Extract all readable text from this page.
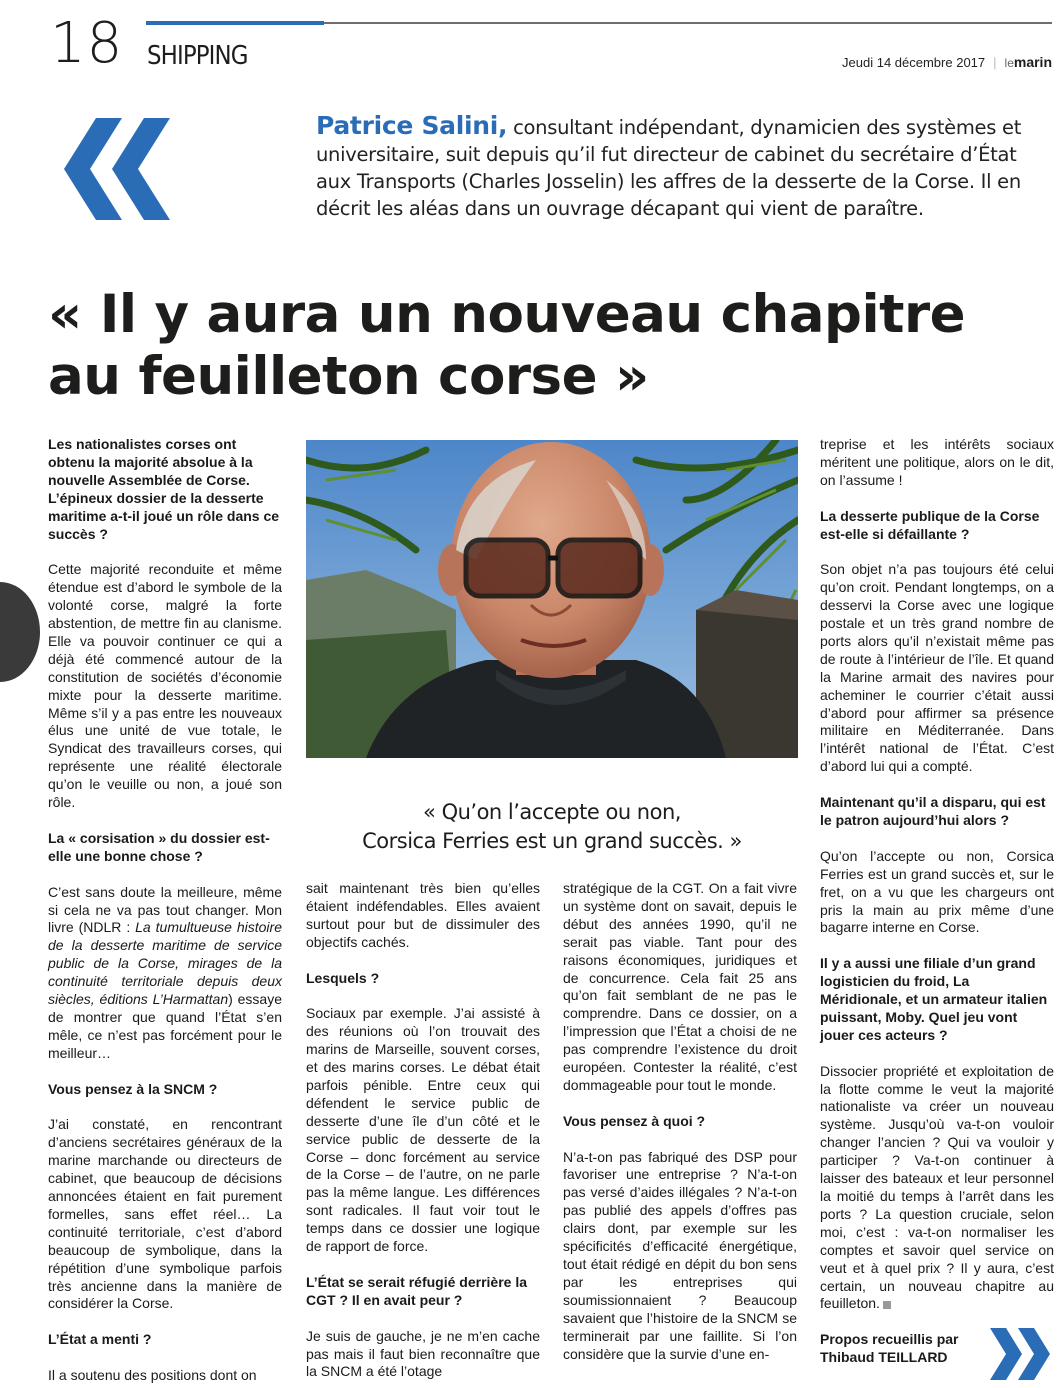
18 SHIPPING	Jeudi 14 décembre 2017 | lemarin
Patrice Salini, consultant indépendant, dynamicien des systèmes et universitaire, suit depuis qu’il fut directeur de cabinet du secrétaire d’État aux Transports (Charles Josselin) les affres de la desserte de la Corse. Il en décrit les aléas dans un ouvrage décapant qui vient de paraître.
« Il y aura un nouveau chapitre
au feuilleton corse »

Les nationalistes corses ont obtenu la majorité absolue à la nouvelle Assemblée de Corse. L’épineux dossier de la desserte maritime a-t-il joué un rôle dans ce succès ?

Cette majorité reconduite et même étendue est d’abord le symbole de la volonté corse, malgré la forte abstention, de mettre fin au clanisme. Elle va pouvoir continuer ce qui a déjà été commencé autour de la constitution de sociétés d’économie mixte pour la desserte maritime. Même s’il y a pas entre les nouveaux élus une unité de vue totale, le Syndicat des travailleurs corses, qui représente une réalité électorale qu’on le veuille ou non, a joué son rôle.

La « corsisation » du dossier est-elle une bonne chose ?

C’est sans doute la meilleure, même si cela ne va pas tout changer. Mon livre (NDLR : La tumultueuse histoire de la desserte maritime de service public de la Corse, mirages de la continuité territoriale depuis deux siècles, éditions L’Harmattan) essaye de montrer que quand l’État s’en mêle, ce n’est pas forcément pour le meilleur…

Vous pensez à la SNCM ?

J’ai constaté, en rencontrant d’anciens secrétaires généraux de la marine marchande ou directeurs de cabinet, que beaucoup de décisions annoncées étaient en fait purement formelles, sans effet réel… La continuité territoriale, c’est d’abord beaucoup de symbolique, dans la répétition d’une symbolique parfois très ancienne dans la manière de considérer la Corse.

L’État a menti ?

Il a soutenu des positions dont on

« Qu’on l’accepte ou non,
Corsica Ferries est un grand succès. »

sait maintenant très bien qu’elles étaient indéfendables. Elles avaient surtout pour but de dissimuler des objectifs cachés.

Lesquels ?

Sociaux par exemple. J’ai assisté à des réunions où l’on trouvait des marins de Marseille, souvent corses, et des marins corses. Le débat était parfois pénible. Entre ceux qui défendent le service public de desserte d’une île d’un côté et le service public de desserte de la Corse – donc forcément au service de la Corse – de l’autre, on ne parle pas la même langue. Les différences sont radicales. Il faut voir tout le temps dans ce dossier une logique de rapport de force.

L’État se serait réfugié derrière la CGT ? Il en avait peur ?

Je suis de gauche, je ne m’en cache pas mais il faut bien reconnaître que la SNCM a été l’otage

stratégique de la CGT. On a fait vivre un système dont on savait, depuis le début des années 1990, qu’il ne serait pas viable. Tant pour des raisons économiques, juridiques et de concurrence. Cela fait 25 ans qu’on fait semblant de ne pas le comprendre. Dans ce dossier, on a l’impression que l’État a choisi de ne pas comprendre l’existence du droit européen. Contester la réalité, c’est dommageable pour tout le monde.

Vous pensez à quoi ?

N’a-t-on pas fabriqué des DSP pour favoriser une entreprise ? N’a-t-on pas versé d’aides illégales ? N’a-t-on pas publié des appels d’offres pas clairs dont, par exemple sur les spécificités d’efficacité énergétique, tout était rédigé en dépit du bon sens par les entreprises qui soumissionnaient ? Beaucoup savaient que l’histoire de la SNCM se terminerait par une faillite. Si l’on considère que la survie d’une en-

treprise et les intérêts sociaux méritent une politique, alors on le dit, on l’assume !

La desserte publique de la Corse est-elle si défaillante ?

Son objet n’a pas toujours été celui qu’on croit. Pendant longtemps, on a desservi la Corse avec une logique postale et un très grand nombre de ports alors qu’il n’existait même pas de route à l’intérieur de l’île. Et quand la Marine armait des navires pour acheminer le courrier c’était aussi d’abord pour affirmer sa présence militaire en Méditerranée. Dans l’intérêt national de l’État. C’est d’abord lui qui a compté.

Maintenant qu’il a disparu, qui est le patron aujourd’hui alors ?

Qu’on l’accepte ou non, Corsica Ferries est un grand succès et, sur le fret, on a vu que les chargeurs ont pris la main au prix même d’une bagarre interne en Corse.

Il y a aussi une filiale d’un grand logisticien du froid, La Méridionale, et un armateur italien puissant, Moby. Quel jeu vont jouer ces acteurs ?

Dissocier propriété et exploitation de la flotte comme le veut la majorité nationaliste va créer un nouveau système. Jusqu’où va-t-on vouloir changer l’ancien ? Qui va vouloir y participer ? Va-t-on continuer à laisser des bateaux et leur personnel la moitié du temps à l’arrêt dans les ports ? La question cruciale, selon moi, c’est : va-t-on normaliser les comptes et savoir quel service on veut et à quel prix ? Il y aura, c’est certain, un nouveau chapitre au feuilleton.

Propos recueillis par
Thibaud TEILLARD
